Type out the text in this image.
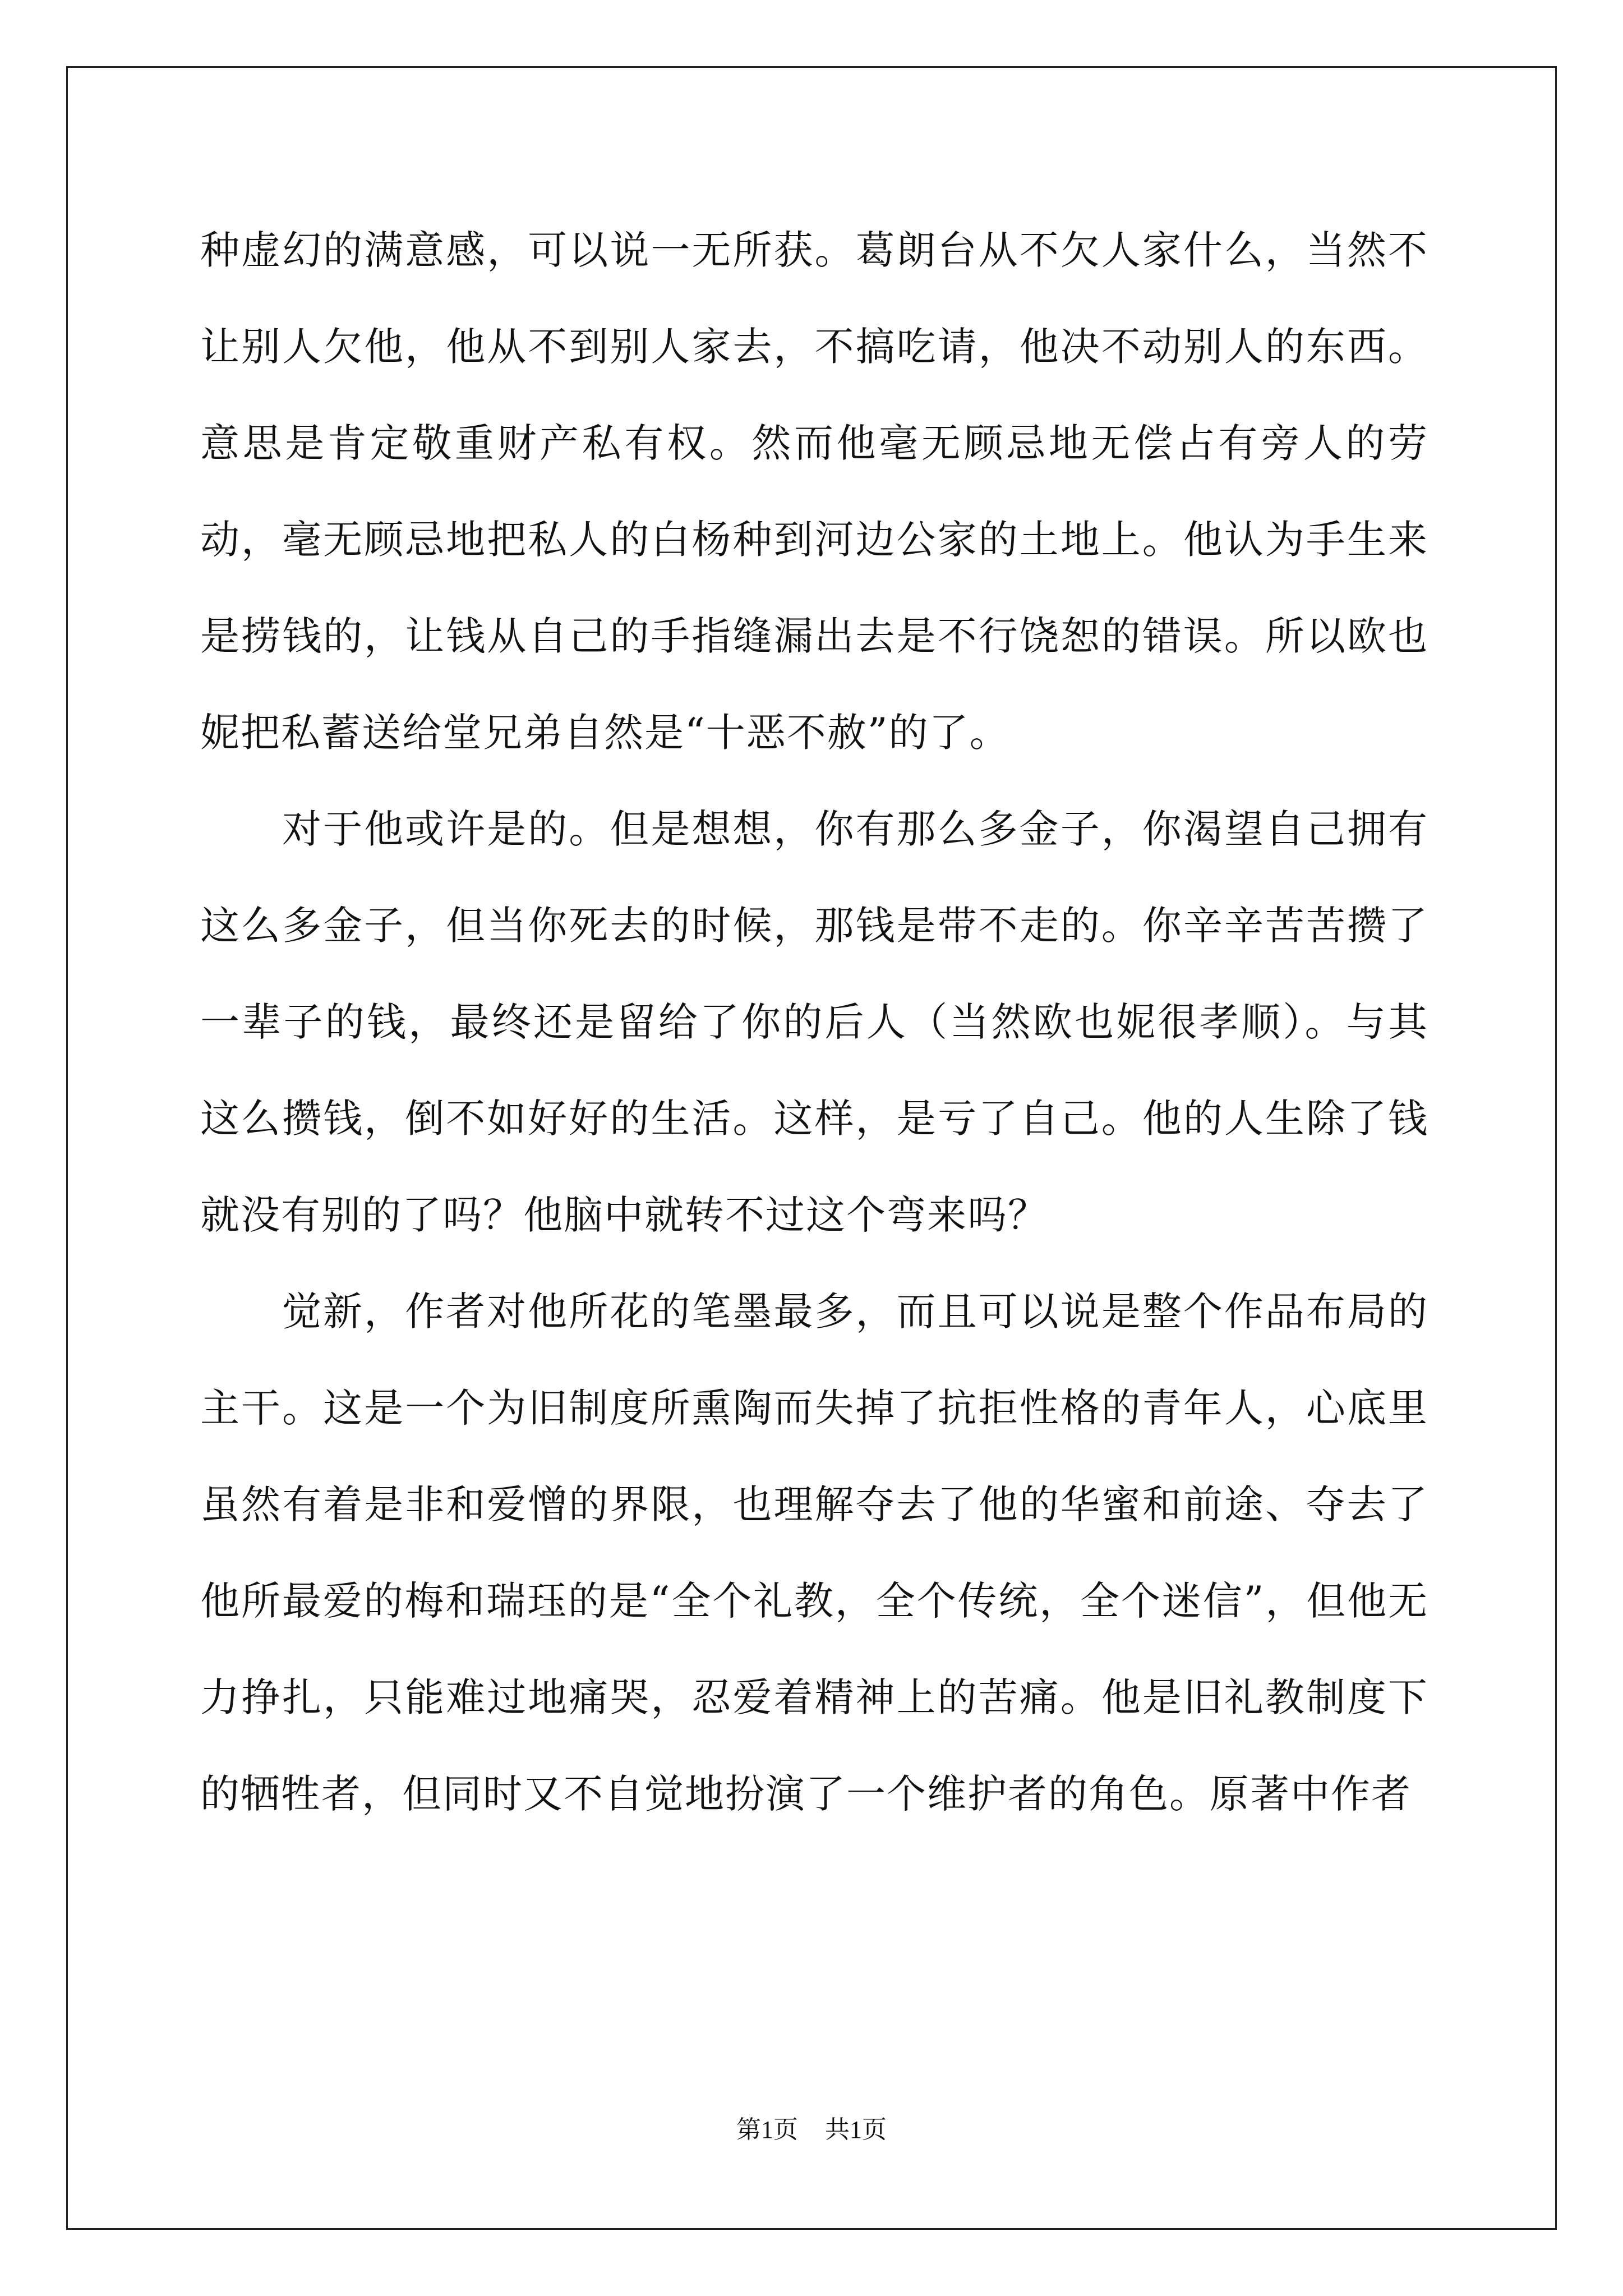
种虚幻的满意感，可以说一无所获。葛朗台从不欠人家什么，当然不让别人欠他，他从不到别人家去，不搞吃请，他决不动别人的东西。意思是肯定敬重财产私有权。然而他毫无顾忌地无偿占有旁人的劳动，毫无顾忌地把私人的白杨种到河边公家的土地上。他认为手生来是捞钱的，让钱从自己的手指缝漏出去是不行饶恕的错误。所以欧也妮把私蓄送给堂兄弟自然是“十恶不赦”的了。

对于他或许是的。但是想想，你有那么多金子，你渴望自己拥有这么多金子，但当你死去的时候，那钱是带不走的。你辛辛苦苦攒了一辈子的钱，最终还是留给了你的后人（当然欧也妮很孝顺）。与其这么攒钱，倒不如好好的生活。这样，是亏了自己。他的人生除了钱就没有别的了吗？他脑中就转不过这个弯来吗？

觉新，作者对他所花的笔墨最多，而且可以说是整个作品布局的主干。这是一个为旧制度所熏陶而失掉了抗拒性格的青年人，心底里虽然有着是非和爱憎的界限，也理解夺去了他的华蜜和前途、夺去了他所最爱的梅和瑞珏的是“全个礼教，全个传统，全个迷信”，但他无力挣扎，只能难过地痛哭，忍爱着精神上的苦痛。他是旧礼教制度下的牺牲者，但同时又不自觉地扮演了一个维护者的角色。原著中作者

第1页 共1页
